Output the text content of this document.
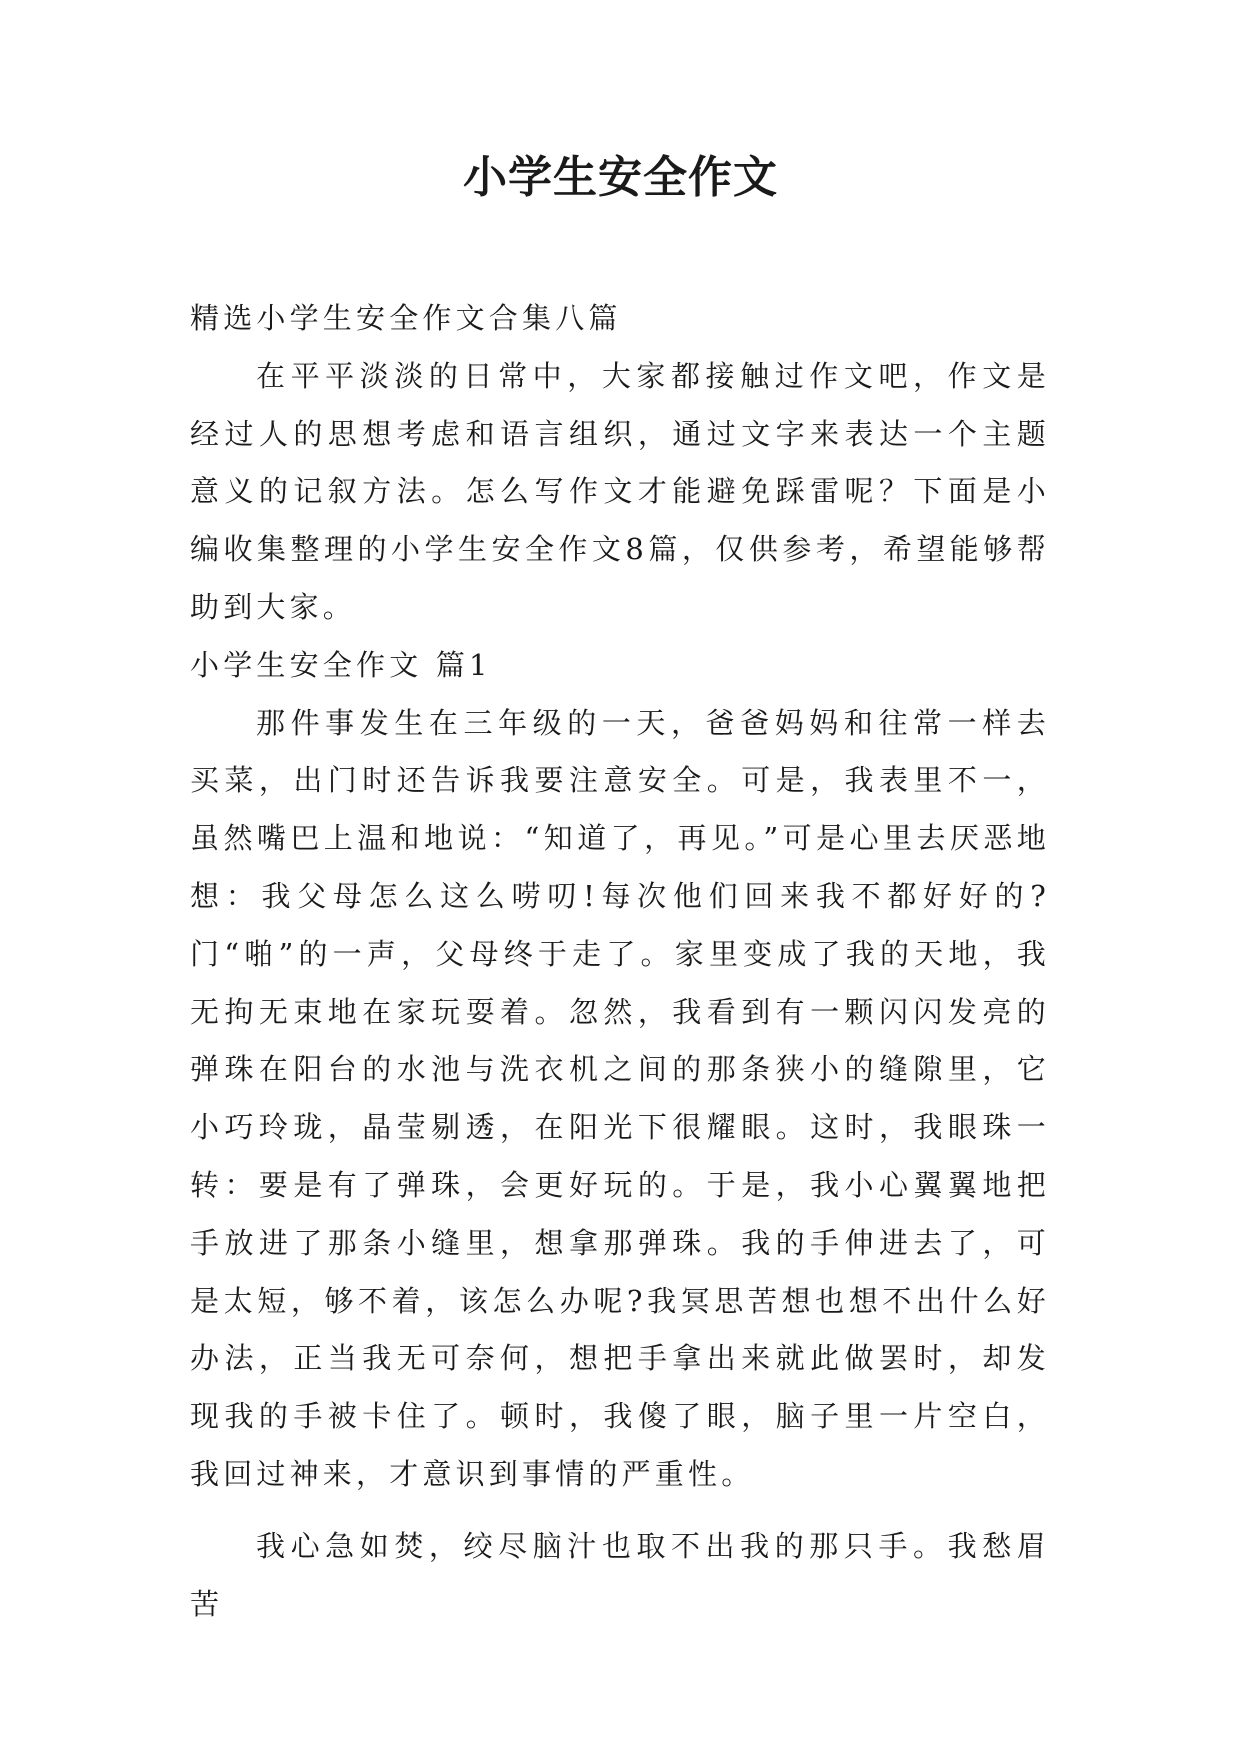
小学生安全作文

精选小学生安全作文合集八篇

在平平淡淡的日常中，大家都接触过作文吧，作文是经过人的思想考虑和语言组织，通过文字来表达一个主题意义的记叙方法。怎么写作文才能避免踩雷呢？下面是小编收集整理的小学生安全作文8篇，仅供参考，希望能够帮助到大家。

小学生安全作文 篇1

那件事发生在三年级的一天，爸爸妈妈和往常一样去买菜，出门时还告诉我要注意安全。可是，我表里不一，虽然嘴巴上温和地说：“知道了，再见。”可是心里去厌恶地想：我父母怎么这么唠叨!每次他们回来我不都好好的?门“啪”的一声，父母终于走了。家里变成了我的天地，我无拘无束地在家玩耍着。忽然，我看到有一颗闪闪发亮的弹珠在阳台的水池与洗衣机之间的那条狭小的缝隙里，它小巧玲珑，晶莹剔透，在阳光下很耀眼。这时，我眼珠一转：要是有了弹珠，会更好玩的。于是，我小心翼翼地把手放进了那条小缝里，想拿那弹珠。我的手伸进去了，可是太短，够不着，该怎么办呢?我冥思苦想也想不出什么好办法，正当我无可奈何，想把手拿出来就此做罢时，却发现我的手被卡住了。顿时，我傻了眼，脑子里一片空白，我回过神来，才意识到事情的严重性。

我心急如焚，绞尽脑汁也取不出我的那只手。我愁眉苦
